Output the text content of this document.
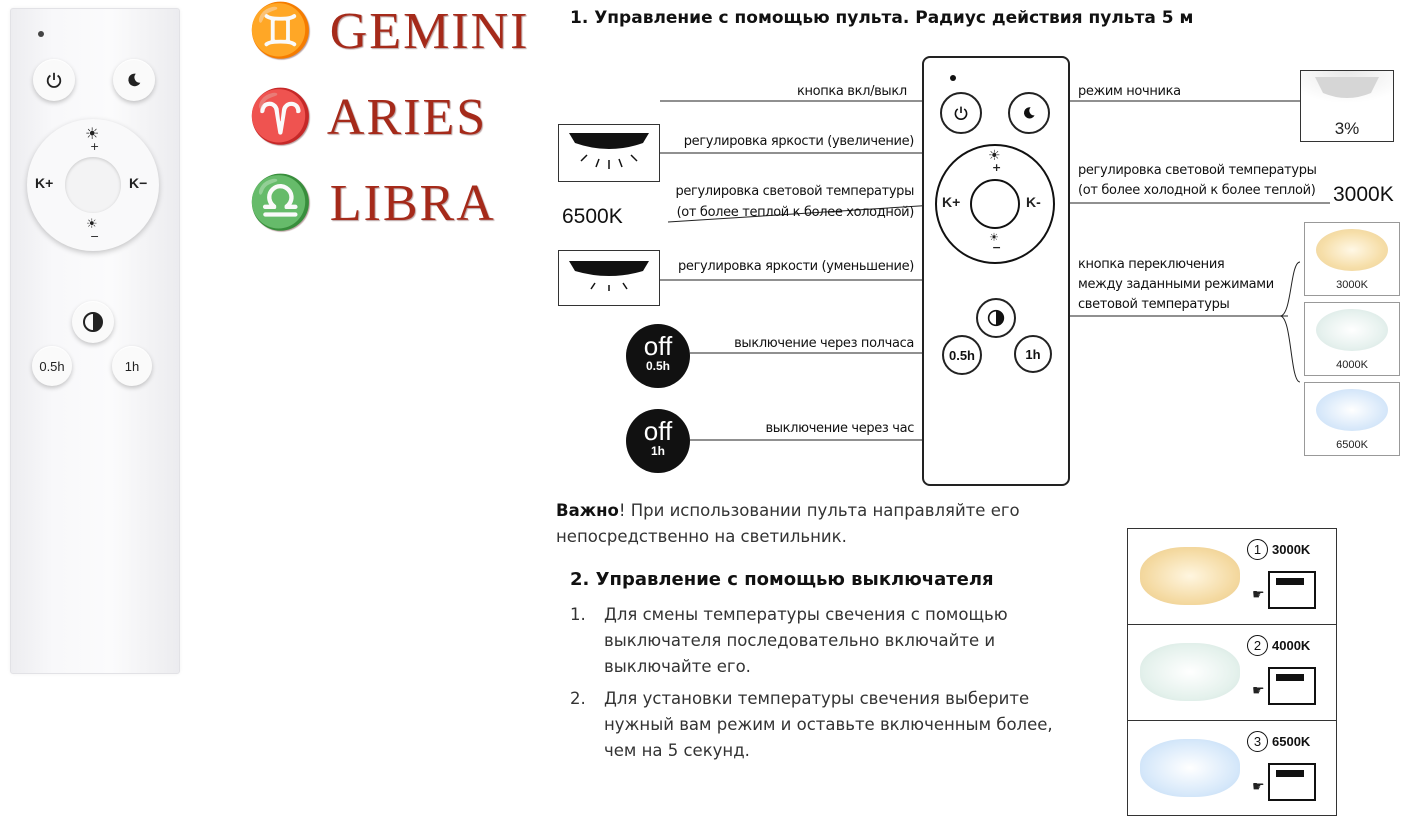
☀
+
☀
−
K+	K−
0.5h	1h
♊ GEMINI
♈ ARIES
♎ LIBRA
1. Управление с помощью пульта. Радиус действия пульта 5 м
☀
+
☀
−
K+	K-
0.5h	1h
кнопка вкл/выкл	режим ночника
3%
регулировка яркости (увеличение)
регулировка световой температуры
(от более теплой к более холодной)
6500K
регулировка световой температуры
(от более холодной к более теплой) 3000K
регулировка яркости (уменьшение)	кнопка переключения
между заданными режимами
световой температуры
3000K
4000K
6500K
off
0.5h
выключение через полчаса
off
1h
выключение через час
Важно! При использовании пульта направляйте его
непосредственно на светильник.
2. Управление с помощью выключателя
1. Для смены температуры свечения с помощью
выключателя последовательно включайте и
выключайте его.
2. Для установки температуры свечения выберите
нужный вам режим и оставьте включенным более,
чем на 5 секунд.
1 3000K
☛
2 4000K
☛
3 6500K
☛
